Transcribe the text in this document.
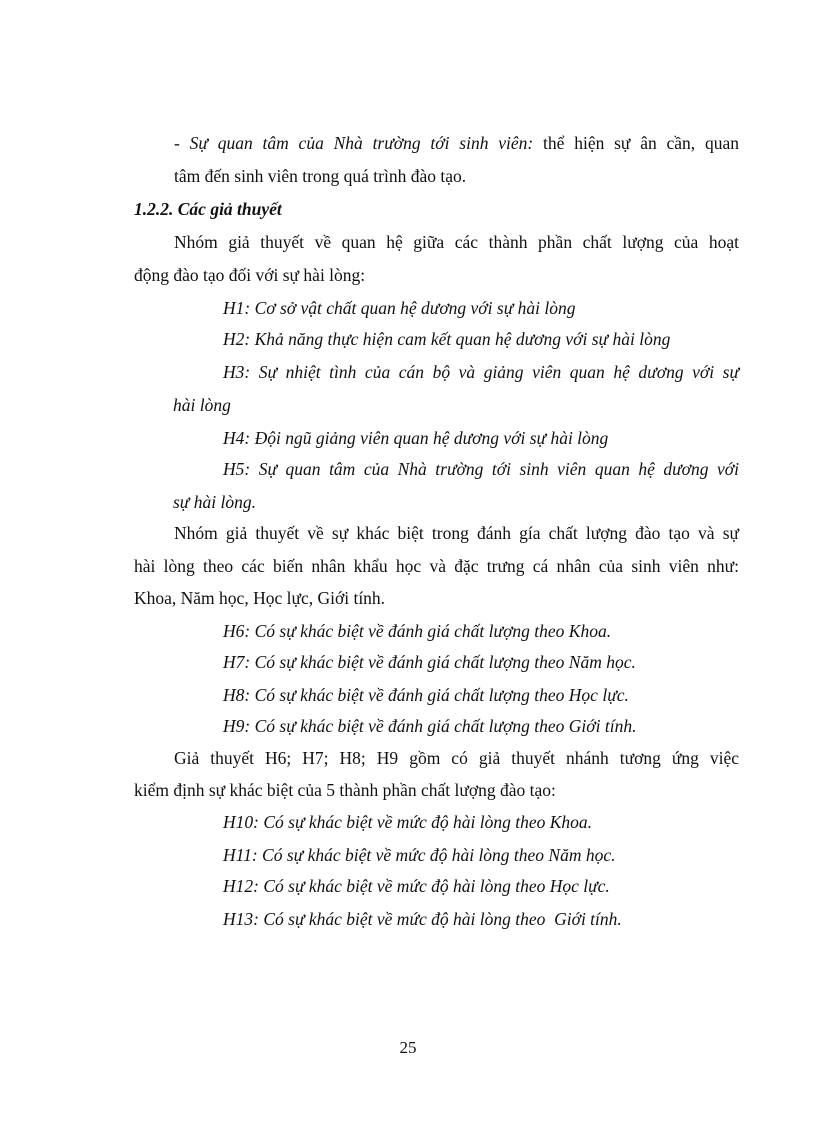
- Sự quan tâm của Nhà trường tới sinh viên: thể hiện sự ân cần, quan
tâm đến sinh viên trong quá trình đào tạo.
1.2.2. Các giả thuyết
Nhóm giả thuyết về quan hệ giữa các thành phần chất lượng của hoạt
động đào tạo đối với sự hài lòng:
H1: Cơ sở vật chất quan hệ dương với sự hài lòng
H2: Khả năng thực hiện cam kết quan hệ dương với sự hài lòng
H3: Sự nhiệt tình của cán bộ và giảng viên quan hệ dương với sự
hài lòng
H4: Đội ngũ giảng viên quan hệ dương với sự hài lòng
H5: Sự quan tâm của Nhà trường tới sinh viên quan hệ dương với
sự hài lòng.
Nhóm giả thuyết về sự khác biệt trong đánh gía chất lượng đào tạo và sự
hài lòng theo các biến nhân khẩu học và đặc trưng cá nhân của sinh viên như:
Khoa, Năm học, Học lực, Giới tính.
H6: Có sự khác biệt về đánh giá chất lượng theo Khoa.
H7: Có sự khác biệt về đánh giá chất lượng theo Năm học.
H8: Có sự khác biệt về đánh giá chất lượng theo Học lực.
H9: Có sự khác biệt về đánh giá chất lượng theo Giới tính.
Giả thuyết H6; H7; H8; H9 gồm có giả thuyết nhánh tương ứng việc
kiểm định sự khác biệt của 5 thành phần chất lượng đào tạo:
H10: Có sự khác biệt về mức độ hài lòng theo Khoa.
H11: Có sự khác biệt về mức độ hài lòng theo Năm học.
H12: Có sự khác biệt về mức độ hài lòng theo Học lực.
H13: Có sự khác biệt về mức độ hài lòng theo  Giới tính.
25
